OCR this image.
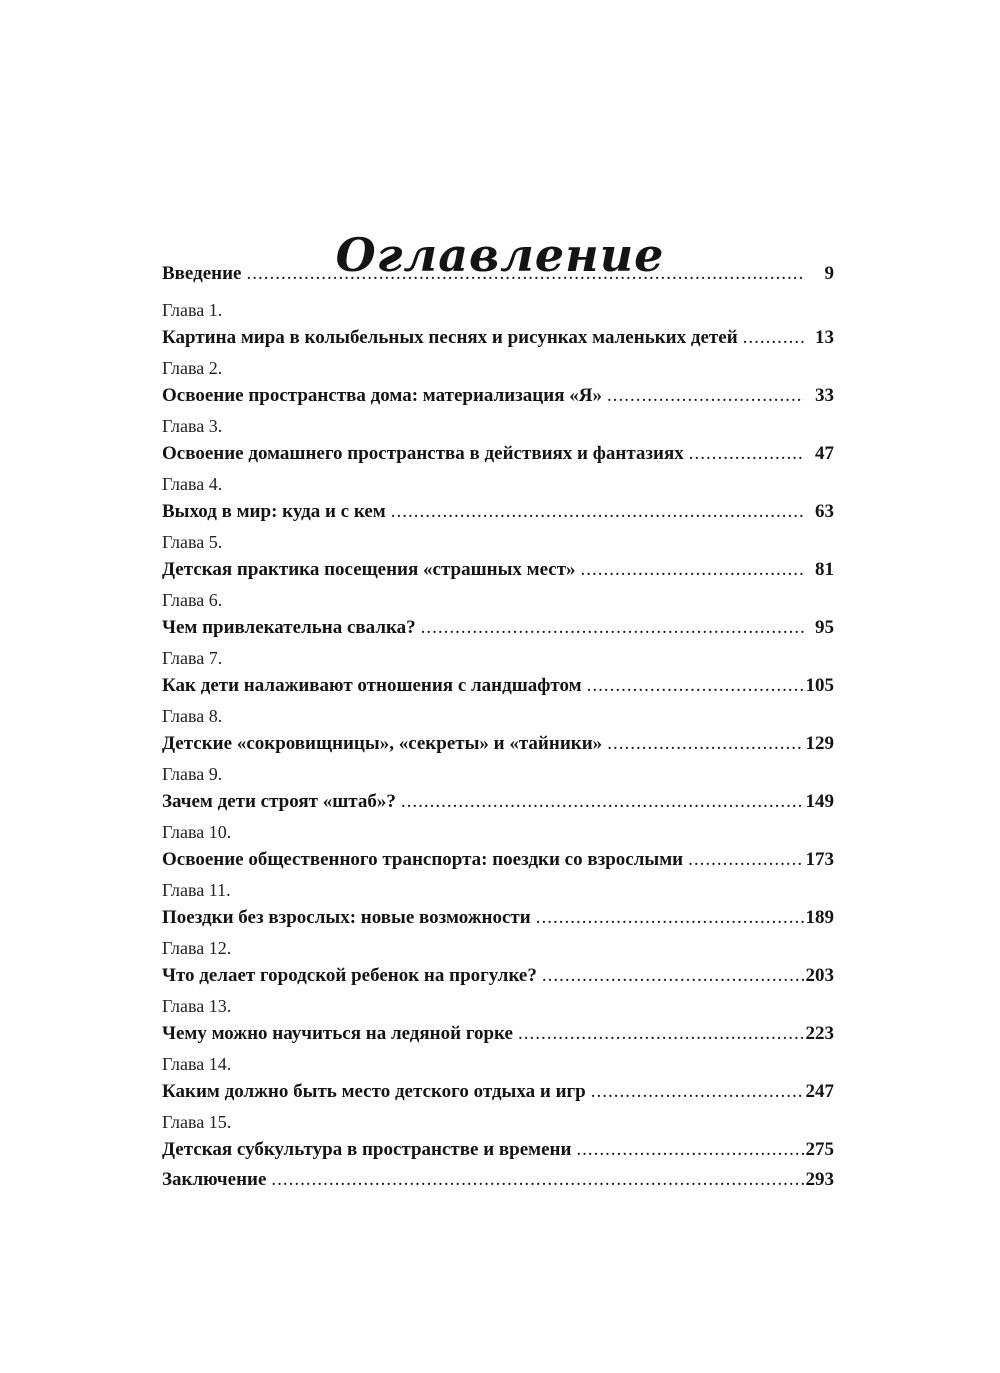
Оглавление
Введение .....	9
Глава 1.
Картина мира в колыбельных песнях и рисунках маленьких детей .....	13
Глава 2.
Освоение пространства дома: материализация «Я» .....	33
Глава 3.
Освоение домашнего пространства в действиях и фантазиях .....	47
Глава 4.
Выход в мир: куда и с кем .....	63
Глава 5.
Детская практика посещения «страшных мест» .....	81
Глава 6.
Чем привлекательна свалка? .....	95
Глава 7.
Как дети налаживают отношения с ландшафтом .....	105
Глава 8.
Детские «сокровищницы», «секреты» и «тайники» .....	129
Глава 9.
Зачем дети строят «штаб»? .....	149
Глава 10.
Освоение общественного транспорта: поездки со взрослыми .....	173
Глава 11.
Поездки без взрослых: новые возможности .....	189
Глава 12.
Что делает городской ребенок на прогулке? .....	203
Глава 13.
Чему можно научиться на ледяной горке .....	223
Глава 14.
Каким должно быть место детского отдыха и игр .....	247
Глава 15.
Детская субкультура в пространстве и времени .....	275
Заключение .....	293
